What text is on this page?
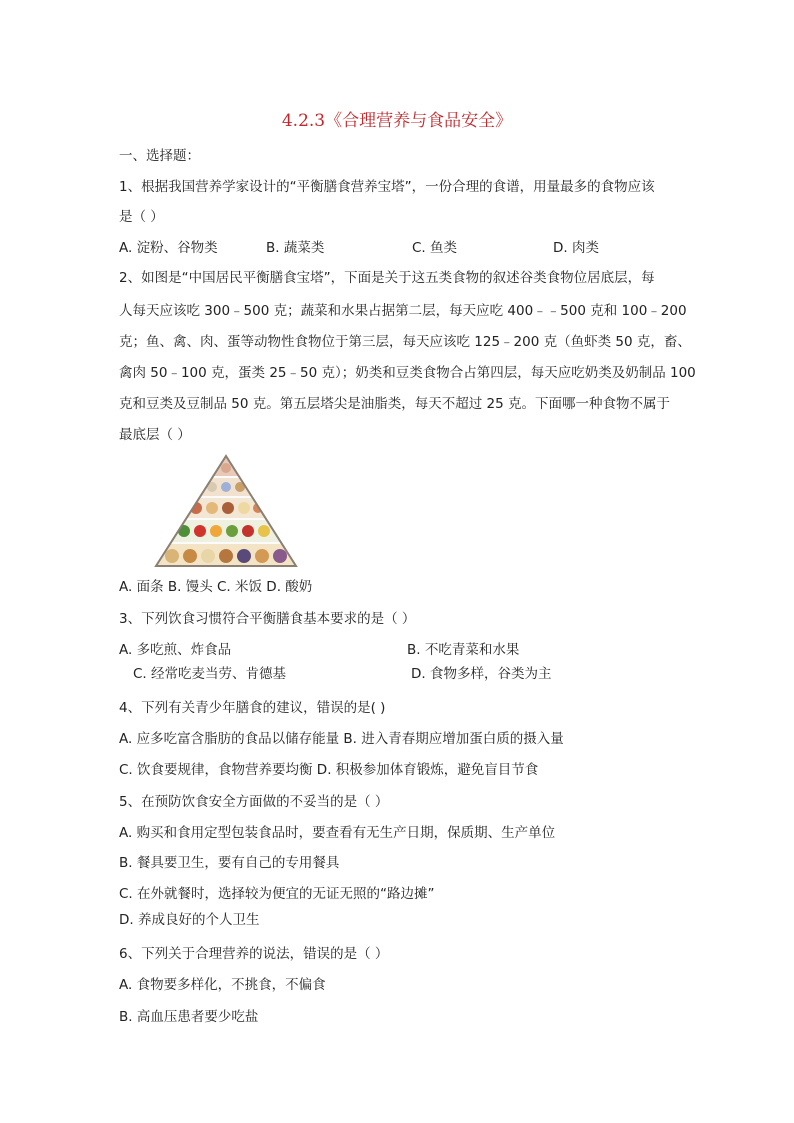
4.2.3《合理营养与食品安全》
一、选择题：
1、根据我国营养学家设计的“平衡膳食营养宝塔”，一份合理的食谱，用量最多的食物应该
是（ ）
A. 淀粉、谷物类	B. 蔬菜类	C. 鱼类	D. 肉类
2、如图是“中国居民平衡膳食宝塔”，下面是关于这五类食物的叙述谷类食物位居底层，每
人每天应该吃 300﹣500 克；蔬菜和水果占据第二层，每天应吃 400﹣﹣500 克和 100﹣200
克；鱼、禽、肉、蛋等动物性食物位于第三层，每天应该吃 125﹣200 克（鱼虾类 50 克，畜、
禽肉 50﹣100 克，蛋类 25﹣50 克）；奶类和豆类食物合占第四层，每天应吃奶类及奶制品 100
克和豆类及豆制品 50 克。第五层塔尖是油脂类，每天不超过 25 克。下面哪一种食物不属于
最底层（ ）
A. 面条 B. 馒头 C. 米饭 D. 酸奶
3、下列饮食习惯符合平衡膳食基本要求的是（ ）
A. 多吃煎、炸食品	B. 不吃青菜和水果
C. 经常吃麦当劳、肯德基	D. 食物多样，谷类为主
4、下列有关青少年膳食的建议，错误的是( )
A. 应多吃富含脂肪的食品以储存能量 B. 进入青春期应增加蛋白质的摄入量
C. 饮食要规律，食物营养要均衡 D. 积极参加体育锻炼，避免盲目节食
5、在预防饮食安全方面做的不妥当的是（ ）
A. 购买和食用定型包装食品时，要查看有无生产日期，保质期、生产单位
B. 餐具要卫生，要有自己的专用餐具
C. 在外就餐时，选择较为便宜的无证无照的“路边摊”
D. 养成良好的个人卫生
6、下列关于合理营养的说法，错误的是（ ）
A. 食物要多样化，不挑食，不偏食
B. 高血压患者要少吃盐
